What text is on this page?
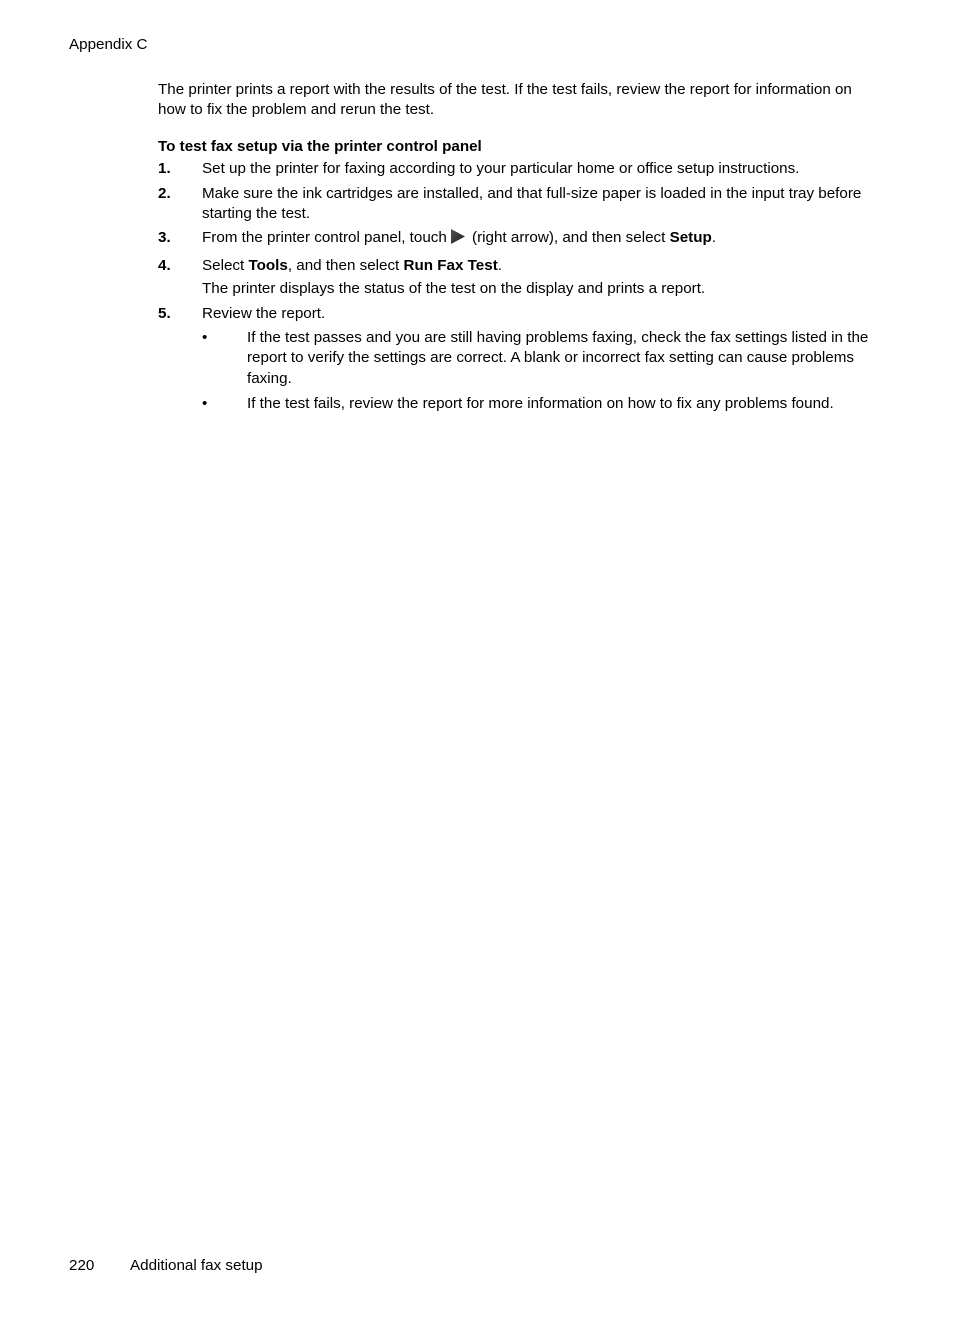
Appendix C

The printer prints a report with the results of the test. If the test fails, review the report for information on how to fix the problem and rerun the test.

To test fax setup via the printer control panel

1. Set up the printer for faxing according to your particular home or office setup instructions.
2. Make sure the ink cartridges are installed, and that full-size paper is loaded in the input tray before starting the test.
3. From the printer control panel, touch (right arrow), and then select Setup.
4. Select Tools, and then select Run Fax Test.
The printer displays the status of the test on the display and prints a report.
5. Review the report.
•	If the test passes and you are still having problems faxing, check the fax settings listed in the report to verify the settings are correct. A blank or incorrect fax setting can cause problems faxing.
•	If the test fails, review the report for more information on how to fix any problems found.
220 Additional fax setup
